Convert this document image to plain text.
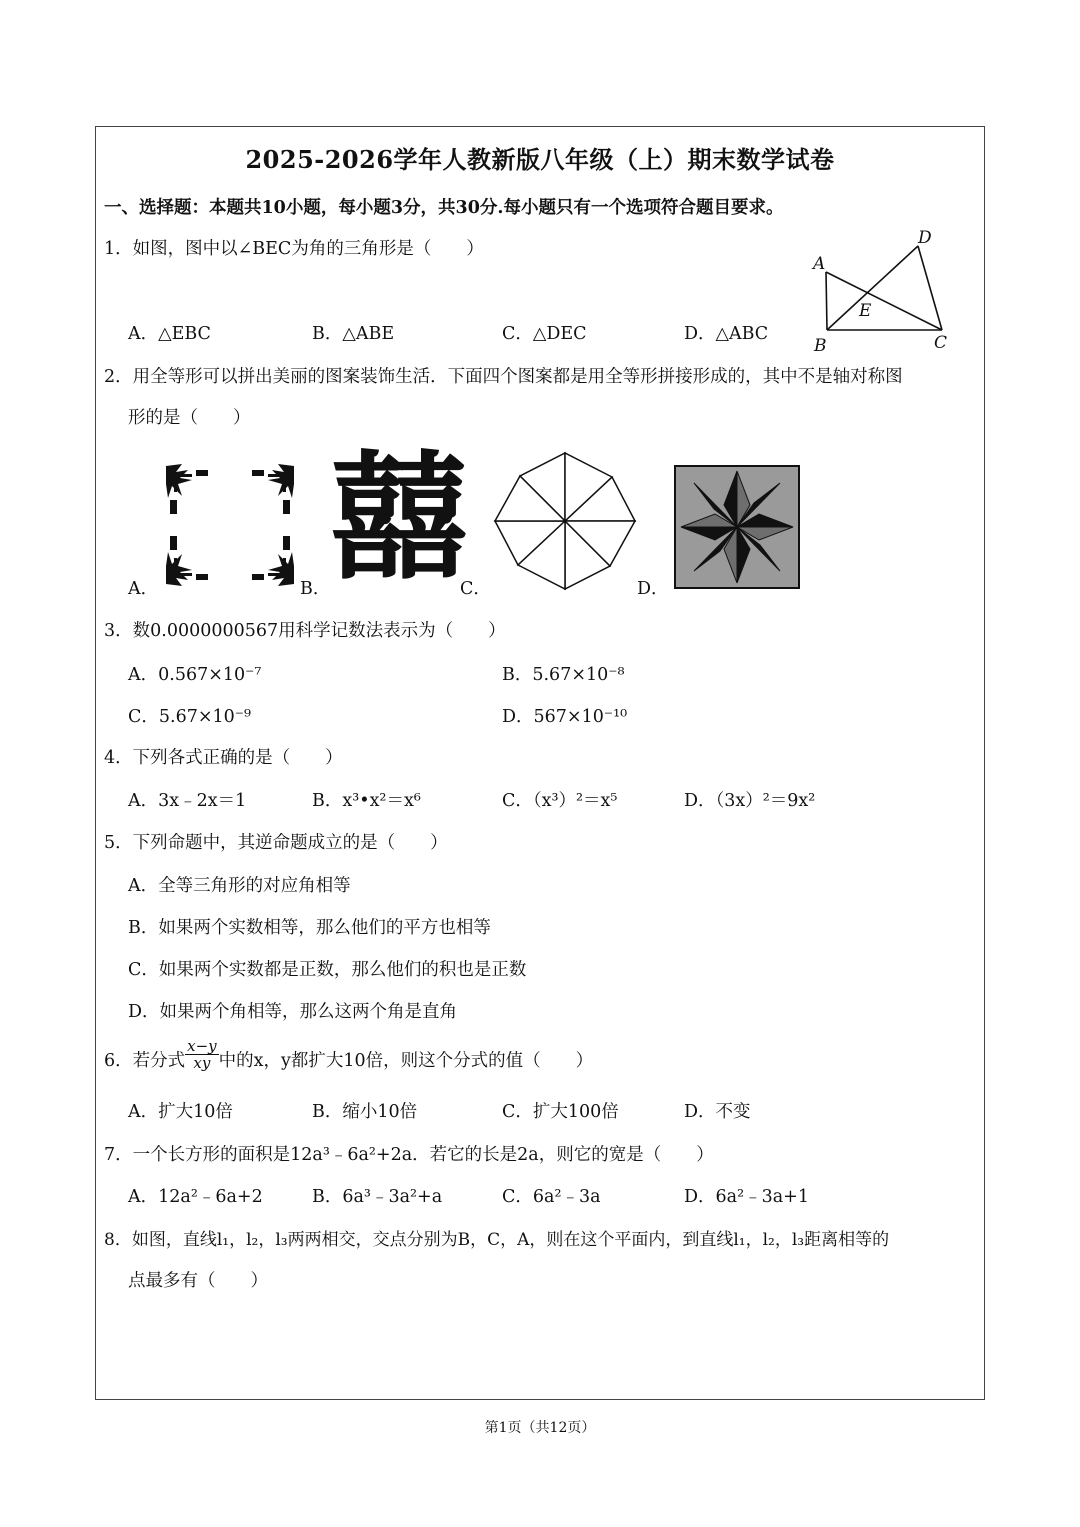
2025-2026学年人教新版八年级（上）期末数学试卷
一、选择题：本题共10小题，每小题3分，共30分.每小题只有一个选项符合题目要求。
1．如图，图中以∠BEC为角的三角形是（　　）
A．△EBC	B．△ABE	C．△DEC	D．△ABC
A
B	C
D
E
2．用全等形可以拼出美丽的图案装饰生活．下面四个图案都是用全等形拼接形成的，其中不是轴对称图
形的是（　　）
A．	B．	C．	D．
囍
3．数0.0000000567用科学记数法表示为（　　）
A．0.567×10⁻⁷	B．5.67×10⁻⁸
C．5.67×10⁻⁹	D．567×10⁻¹⁰
4．下列各式正确的是（　　）
A．3x﹣2x＝1	B．x³•x²＝x⁶	C．（x³）²＝x⁵	D．（3x）²＝9x²
5．下列命题中，其逆命题成立的是（　　）
A．全等三角形的对应角相等
B．如果两个实数相等，那么他们的平方也相等
C．如果两个实数都是正数，那么他们的积也是正数
D．如果两个角相等，那么这两个角是直角
6．若分式 $\frac{x-y}{xy}$ 中的x，y都扩大10倍，则这个分式的值（　　）
A．扩大10倍	B．缩小10倍	C．扩大100倍	D．不变
7．一个长方形的面积是12a³﹣6a²+2a．若它的长是2a，则它的宽是（　　）
A．12a²﹣6a+2	B．6a³﹣3a²+a	C．6a²﹣3a	D．6a²﹣3a+1
8．如图，直线l₁，l₂，l₃两两相交，交点分别为B，C，A，则在这个平面内，到直线l₁，l₂，l₃距离相等的
点最多有（　　）
第1页（共12页）
